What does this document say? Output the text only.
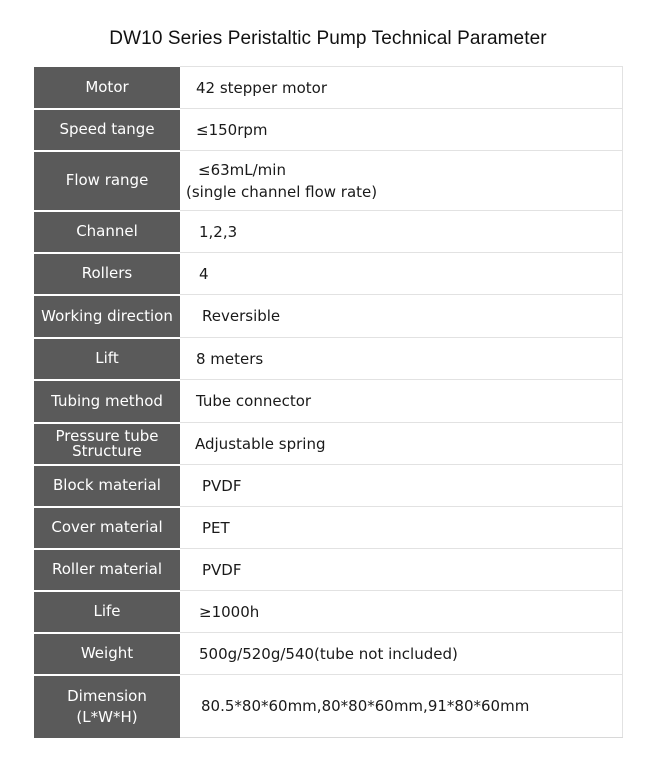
DW10 Series Peristaltic Pump Technical Parameter
Motor	42 stepper motor
Speed tange	≤150rpm
Flow range	≤63mL/min
(single channel flow rate)

Channel	1,2,3
Rollers	4
Working direction	Reversible
Lift	8 meters
Tubing method	Tube connector

Pressure tube
Structure	Adjustable spring
Block material	PVDF
Cover material	PET
Roller material	PVDF
Life	≥1000h
Weight	500g/520g/540(tube not included)

Dimension
(L*W*H)	80.5*80*60mm,80*80*60mm,91*80*60mm
